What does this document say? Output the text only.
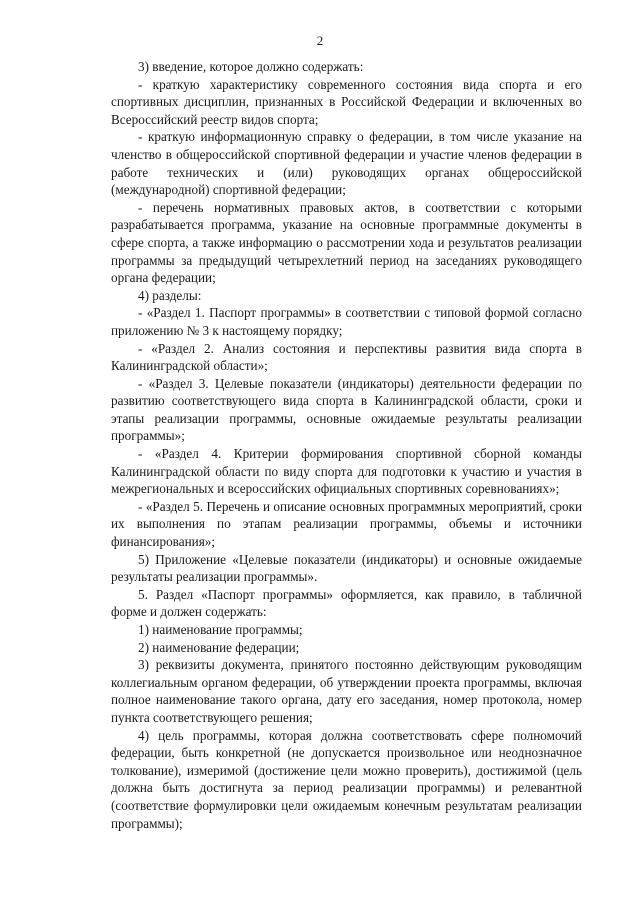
2

3) введение, которое должно содержать:

- краткую характеристику современного состояния вида спорта и его спортивных дисциплин, признанных в Российской Федерации и включенных во Всероссийский реестр видов спорта;

- краткую информационную справку о федерации, в том числе указание на членство в общероссийской спортивной федерации и участие членов федерации в работе технических и (или) руководящих органах общероссийской (международной) спортивной федерации;

- перечень нормативных правовых актов, в соответствии с которыми разрабатывается программа, указание на основные программные документы в сфере спорта, а также информацию о рассмотрении хода и результатов реализации программы за предыдущий четырехлетний период на заседаниях руководящего органа федерации;

4) разделы:

- «Раздел 1. Паспорт программы» в соответствии с типовой формой согласно приложению № 3 к настоящему порядку;

- «Раздел 2. Анализ состояния и перспективы развития вида спорта в Калининградской области»;

- «Раздел 3. Целевые показатели (индикаторы) деятельности федерации по развитию соответствующего вида спорта в Калининградской области, сроки и этапы реализации программы, основные ожидаемые результаты реализации программы»;

- «Раздел 4. Критерии формирования спортивной сборной команды Калининградской области по виду спорта для подготовки к участию и участия в межрегиональных и всероссийских официальных спортивных соревнованиях»;

- «Раздел 5. Перечень и описание основных программных мероприятий, сроки их выполнения по этапам реализации программы, объемы и источники финансирования»;

5) Приложение «Целевые показатели (индикаторы) и основные ожидаемые результаты реализации программы».

5. Раздел «Паспорт программы» оформляется, как правило, в табличной форме и должен содержать:

1) наименование программы;

2) наименование федерации;

3) реквизиты документа, принятого постоянно действующим руководящим коллегиальным органом федерации, об утверждении проекта программы, включая полное наименование такого органа, дату его заседания, номер протокола, номер пункта соответствующего решения;

4) цель программы, которая должна соответствовать сфере полномочий федерации, быть конкретной (не допускается произвольное или неоднозначное толкование), измеримой (достижение цели можно проверить), достижимой (цель должна быть достигнута за период реализации программы) и релевантной (соответствие формулировки цели ожидаемым конечным результатам реализации программы);
